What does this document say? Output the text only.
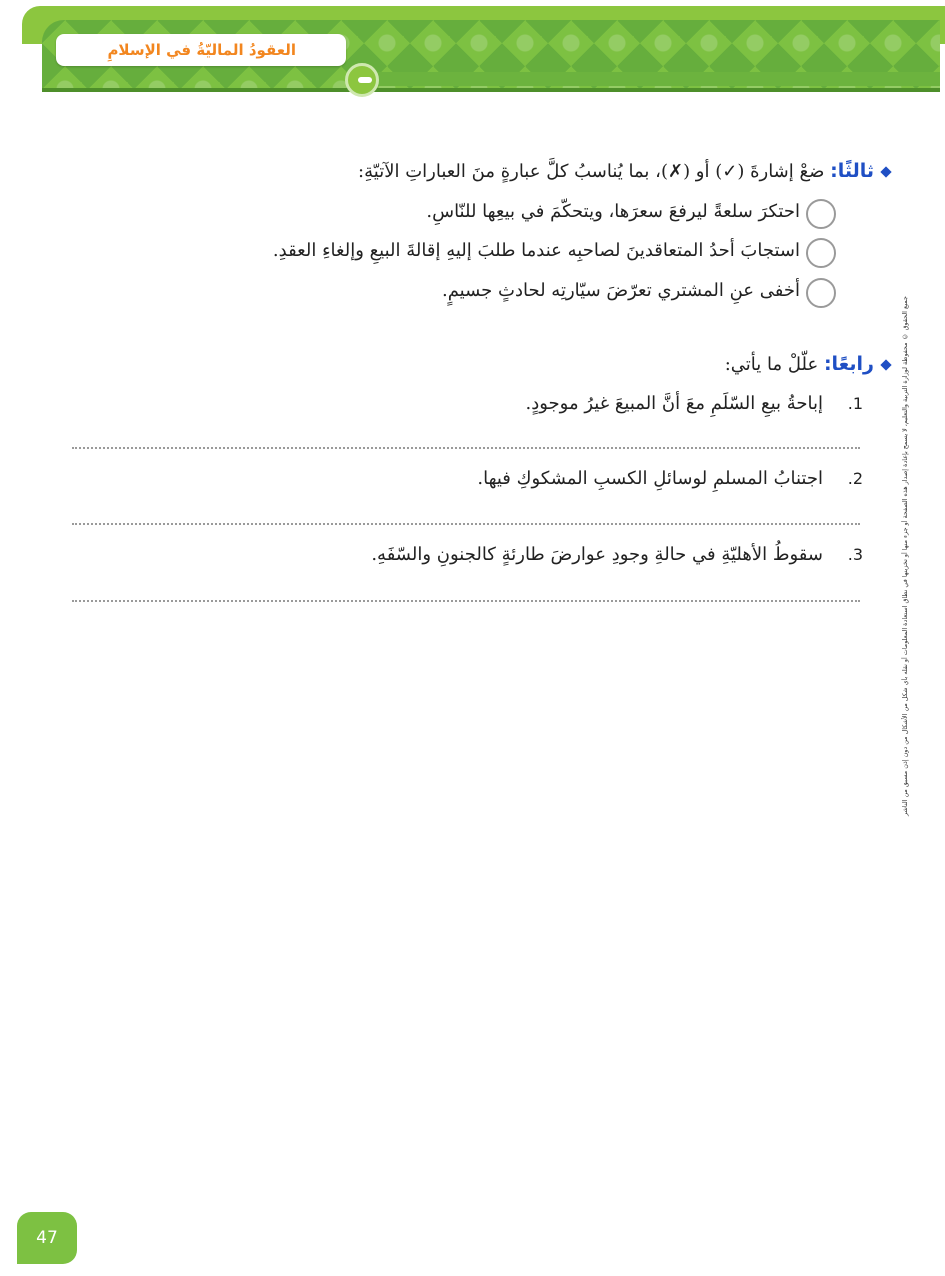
العقودُ الماليّةُ في الإسلامِ
ثالثًا: ضعْ إشارةَ (✓) أو (✗)، بما يُناسبُ كلَّ عبارةٍ منَ العباراتِ الآتيّةِ:
احتكرَ سلعةً ليرفعَ سعرَها، ويتحكّمَ في بيعِها للنّاسِ.
استجابَ أحدُ المتعاقدينَ لصاحبِه عندما طلبَ إليهِ إقالةَ البيعِ وإلغاءِ العقدِ.
أخفى عنِ المشتري تعرّضَ سيّارتِه لحادثٍ جسيمٍ.
رابعًا: علّلْ ما يأتي:
1.إباحةُ بيعِ السّلَمِ معَ أنَّ المبيعَ غيرُ موجودٍ.
2.اجتنابُ المسلمِ لوسائلِ الكسبِ المشكوكِ فيها.
3.سقوطُ الأهليّةِ في حالةِ وجودِ عوارضَ طارئةٍ كالجنونِ والسّفَهِ.	جميع الحقوق © محفوظة لوزارة التربية والتعليم، لا يسمح بإعادة إصدار هذه الصفحة أو جزء منها أو تخزينها في نطاق استعادة المعلومات أو نقله بأي شكل من الأشكال من دون إذن مسبق من الناشر
47
